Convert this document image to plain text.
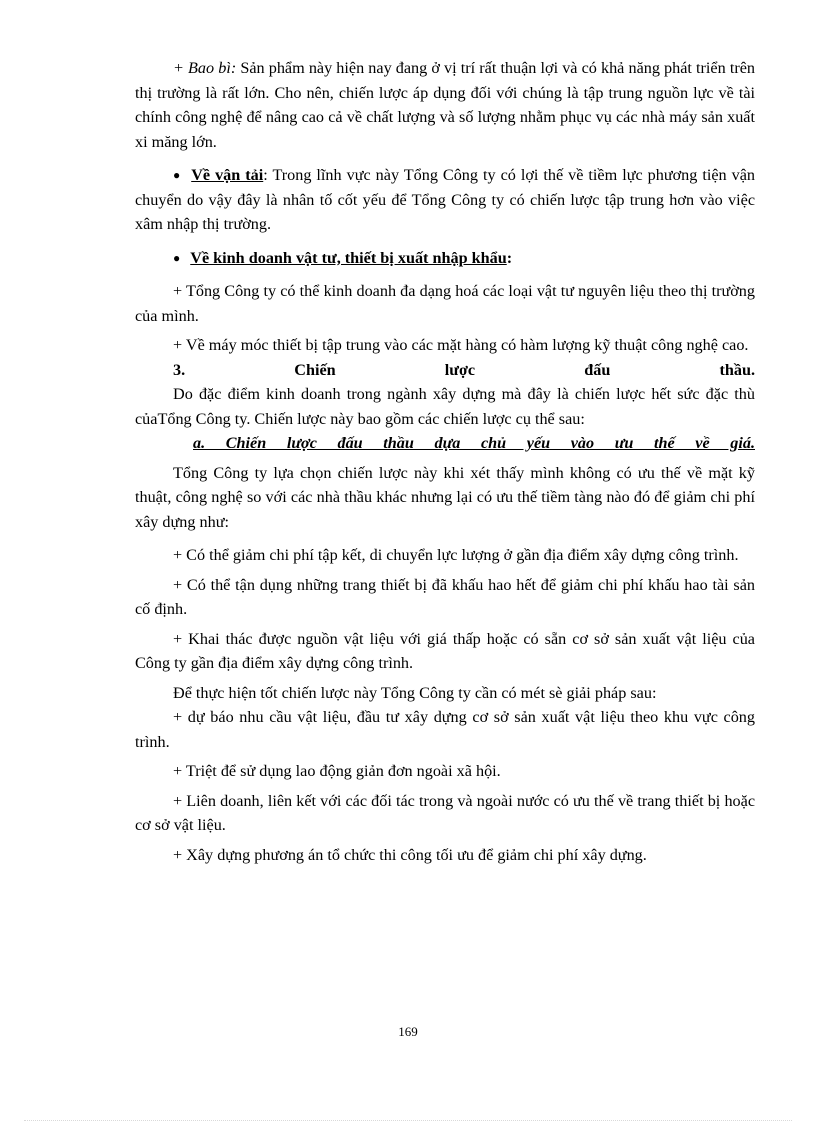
+ Bao bì: Sản phẩm này hiện nay đang ở vị trí rất thuận lợi và có khả năng phát triển trên thị trường là rất lớn. Cho nên, chiến lược áp dụng đối với chúng là tập trung nguồn lực về tài chính công nghệ để nâng cao cả về chất lượng và số lượng nhằm phục vụ các nhà máy sản xuất xi măng lớn.

● Về vận tải: Trong lĩnh vực này Tổng Công ty có lợi thế về tiềm lực phương tiện vận chuyển do vậy đây là nhân tố cốt yếu để Tổng Công ty có chiến lược tập trung hơn vào việc xâm nhập thị trường.

● Về kinh doanh vật tư, thiết bị xuất nhập khẩu:

+ Tổng Công ty có thể kinh doanh đa dạng hoá các loại vật tư nguyên liệu theo thị trường của mình.

+ Về máy móc thiết bị tập trung vào các mặt hàng có hàm lượng kỹ thuật công nghệ cao.

3.	Chiến	lược	đấu	thầu.

Do đặc điểm kinh doanh trong ngành xây dựng mà đây là chiến lược hết sức đặc thù củaTổng Công ty. Chiến lược này bao gồm các chiến lược cụ thể sau:

a. Chiến lược đấu thầu dựa chủ yếu vào ưu thế về giá.

Tổng Công ty lựa chọn chiến lược này khi xét thấy mình không có ưu thế về mặt kỹ thuật, công nghệ so với các nhà thầu khác nhưng lại có ưu thế tiềm tàng nào đó để giảm chi phí xây dựng như:

+ Có thể giảm chi phí tập kết, di chuyển lực lượng ở gần địa điểm xây dựng công trình.

+ Có thể tận dụng những trang thiết bị đã khấu hao hết để giảm chi phí khấu hao tài sản cố định.

+ Khai thác được nguồn vật liệu với giá thấp hoặc có sẵn cơ sở sản xuất vật liệu của Công ty gần địa điểm xây dựng công trình.

Để thực hiện tốt chiến lược này Tổng Công ty cần có mét sè giải pháp sau:

+ dự báo nhu cầu vật liệu, đầu tư xây dựng cơ sở sản xuất vật liệu theo khu vực công trình.

+ Triệt để sử dụng lao động giản đơn ngoài xã hội.

+ Liên doanh, liên kết với các đối tác trong và ngoài nước có ưu thế về trang thiết bị hoặc cơ sở vật liệu.

+ Xây dựng phương án tổ chức thi công tối ưu để giảm chi phí xây dựng.

169
